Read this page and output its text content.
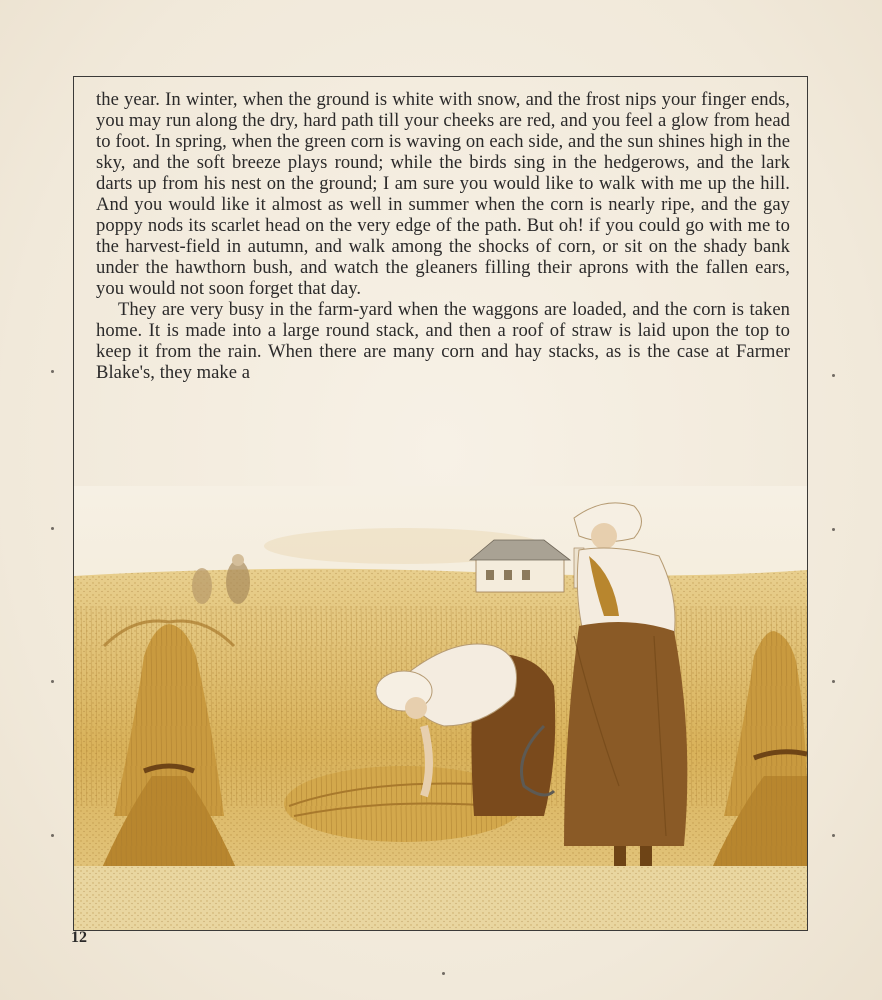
the year. In winter, when the ground is white with snow, and the frost nips your finger ends, you may run along the dry, hard path till your cheeks are red, and you feel a glow from head to foot. In spring, when the green corn is waving on each side, and the sun shines high in the sky, and the soft breeze plays round; while the birds sing in the hedgerows, and the lark darts up from his nest on the ground; I am sure you would like to walk with me up the hill. And you would like it almost as well in summer when the corn is nearly ripe, and the gay poppy nods its scarlet head on the very edge of the path. But oh! if you could go with me to the harvest-field in autumn, and walk among the shocks of corn, or sit on the shady bank under the hawthorn bush, and watch the gleaners filling their aprons with the fallen ears, you would not soon forget that day.

They are very busy in the farm-yard when the waggons are loaded, and the corn is taken home. It is made into a large round stack, and then a roof of straw is laid upon the top to keep it from the rain. When there are many corn and hay stacks, as is the case at Farmer Blake's, they make a

12
